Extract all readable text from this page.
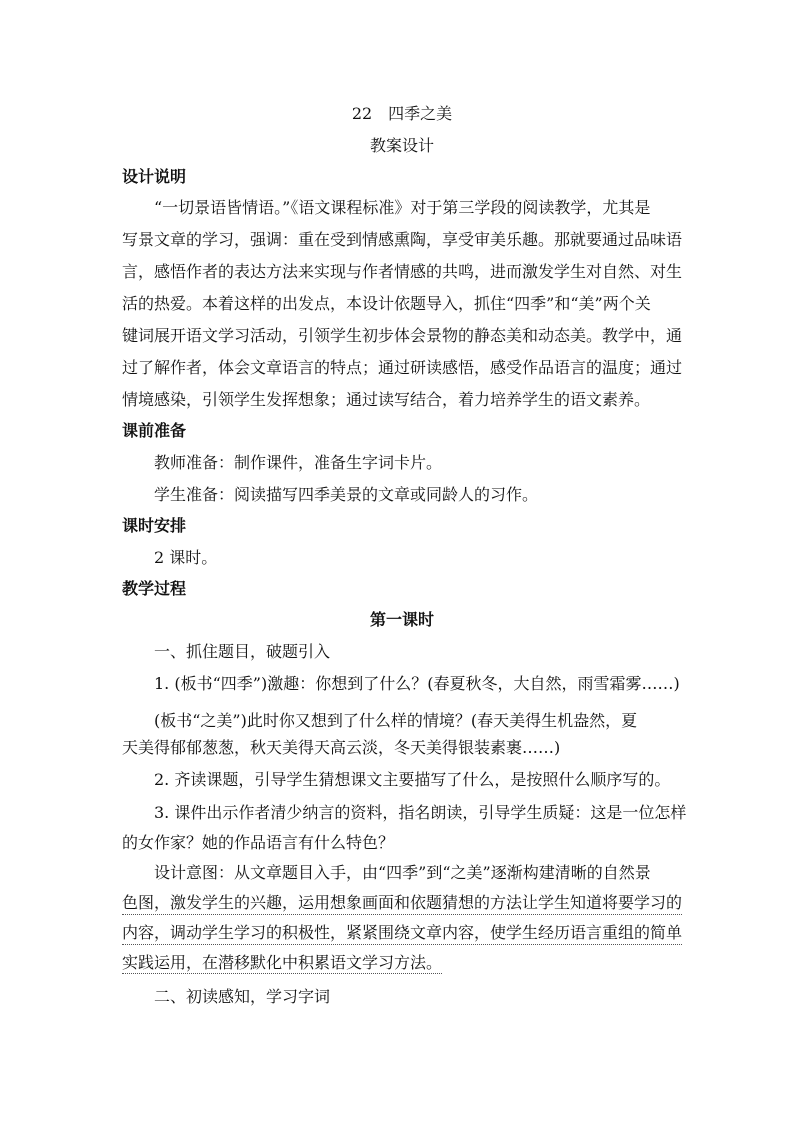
22　四季之美
教案设计
设计说明
　　“一切景语皆情语。”《语文课程标准》对于第三学段的阅读教学，尤其是
写景文章的学习，强调：重在受到情感熏陶，享受审美乐趣。那就要通过品味语
言，感悟作者的表达方法来实现与作者情感的共鸣，进而激发学生对自然、对生
活的热爱。本着这样的出发点，本设计依题导入，抓住“四季”和“美”两个关
键词展开语文学习活动，引领学生初步体会景物的静态美和动态美。教学中，通
过了解作者，体会文章语言的特点；通过研读感悟，感受作品语言的温度；通过
情境感染，引领学生发挥想象；通过读写结合，着力培养学生的语文素养。
课前准备
　　教师准备：制作课件，准备生字词卡片。
　　学生准备：阅读描写四季美景的文章或同龄人的习作。
课时安排
　　2 课时。
教学过程
第一课时
　　一、抓住题目，破题引入
　　1. (板书“四季”)激趣：你想到了什么？(春夏秋冬，大自然，雨雪霜雾……)
　　(板书“之美”)此时你又想到了什么样的情境？(春天美得生机盎然，夏
天美得郁郁葱葱，秋天美得天高云淡，冬天美得银装素裹……)
　　2. 齐读课题，引导学生猜想课文主要描写了什么，是按照什么顺序写的。
　　3. 课件出示作者清少纳言的资料，指名朗读，引导学生质疑：这是一位怎样
的女作家？她的作品语言有什么特色？
　　设计意图：从文章题目入手，由“四季”到“之美”逐渐构建清晰的自然景
色图，激发学生的兴趣，运用想象画面和依题猜想的方法让学生知道将要学习的
内容，调动学生学习的积极性，紧紧围绕文章内容，使学生经历语言重组的简单
实践运用，在潜移默化中积累语文学习方法。
　　二、初读感知，学习字词
